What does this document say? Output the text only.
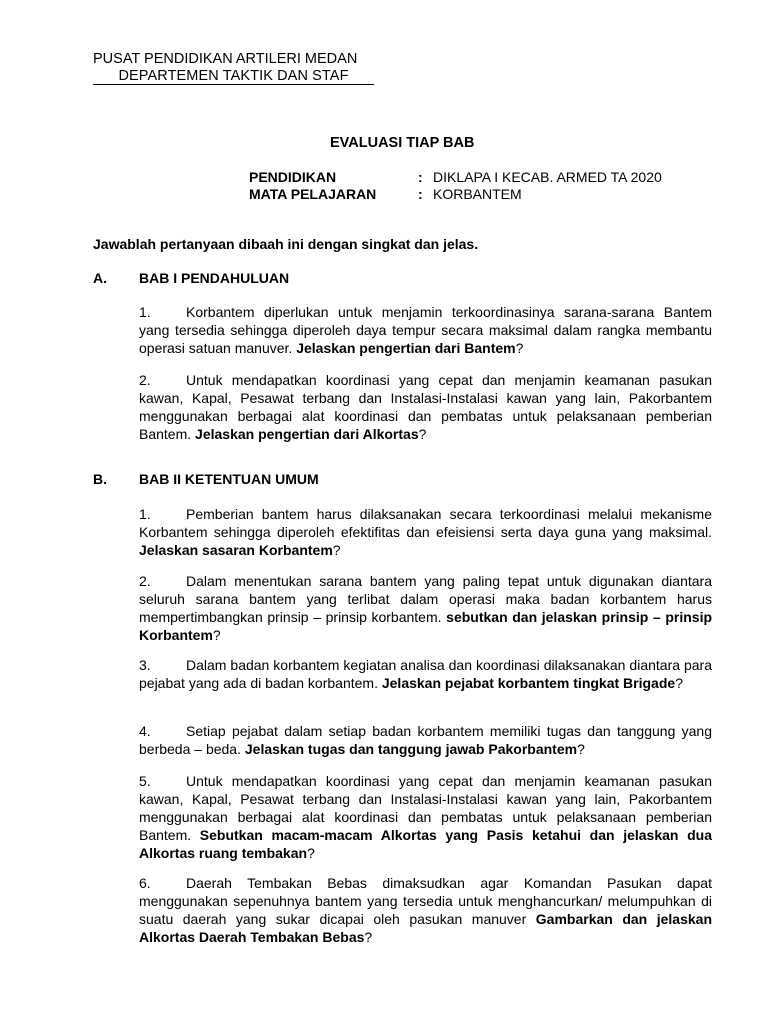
PUSAT PENDIDIKAN ARTILERI MEDAN
DEPARTEMEN TAKTIK DAN STAF
EVALUASI TIAP BAB
PENDIDIKAN	: DIKLAPA I KECAB. ARMED TA 2020
MATA PELAJARAN	: KORBANTEM
Jawablah pertanyaan dibaah ini dengan singkat dan jelas.
A. BAB I PENDAHULUAN
1.	Korbantem diperlukan untuk menjamin terkoordinasinya sarana-sarana Bantem yang tersedia sehingga diperoleh daya tempur secara maksimal dalam rangka membantu operasi satuan manuver. Jelaskan pengertian dari Bantem?
2.	Untuk mendapatkan koordinasi yang cepat dan menjamin keamanan pasukan kawan, Kapal, Pesawat terbang dan Instalasi-Instalasi kawan yang lain, Pakorbantem menggunakan berbagai alat koordinasi dan pembatas untuk pelaksanaan pemberian Bantem. Jelaskan pengertian dari Alkortas?
B. BAB II KETENTUAN UMUM
1.	Pemberian bantem harus dilaksanakan secara terkoordinasi melalui mekanisme Korbantem sehingga diperoleh efektifitas dan efeisiensi serta daya guna yang maksimal. Jelaskan sasaran Korbantem?
2.	Dalam menentukan sarana bantem yang paling tepat untuk digunakan diantara seluruh sarana bantem yang terlibat dalam operasi maka badan korbantem harus mempertimbangkan prinsip – prinsip korbantem. sebutkan dan jelaskan prinsip – prinsip Korbantem?
3.	Dalam badan korbantem kegiatan analisa dan koordinasi dilaksanakan diantara para pejabat yang ada di badan korbantem. Jelaskan pejabat korbantem tingkat Brigade?
4.	Setiap pejabat dalam setiap badan korbantem memiliki tugas dan tanggung yang berbeda – beda. Jelaskan tugas dan tanggung jawab Pakorbantem?
5.	Untuk mendapatkan koordinasi yang cepat dan menjamin keamanan pasukan kawan, Kapal, Pesawat terbang dan Instalasi-Instalasi kawan yang lain, Pakorbantem menggunakan berbagai alat koordinasi dan pembatas untuk pelaksanaan pemberian Bantem. Sebutkan macam-macam Alkortas yang Pasis ketahui dan jelaskan dua Alkortas ruang tembakan?
6.	Daerah Tembakan Bebas dimaksudkan agar Komandan Pasukan dapat menggunakan sepenuhnya bantem yang tersedia untuk menghancurkan/ melumpuhkan di suatu daerah yang sukar dicapai oleh pasukan manuver Gambarkan dan jelaskan Alkortas Daerah Tembakan Bebas?
